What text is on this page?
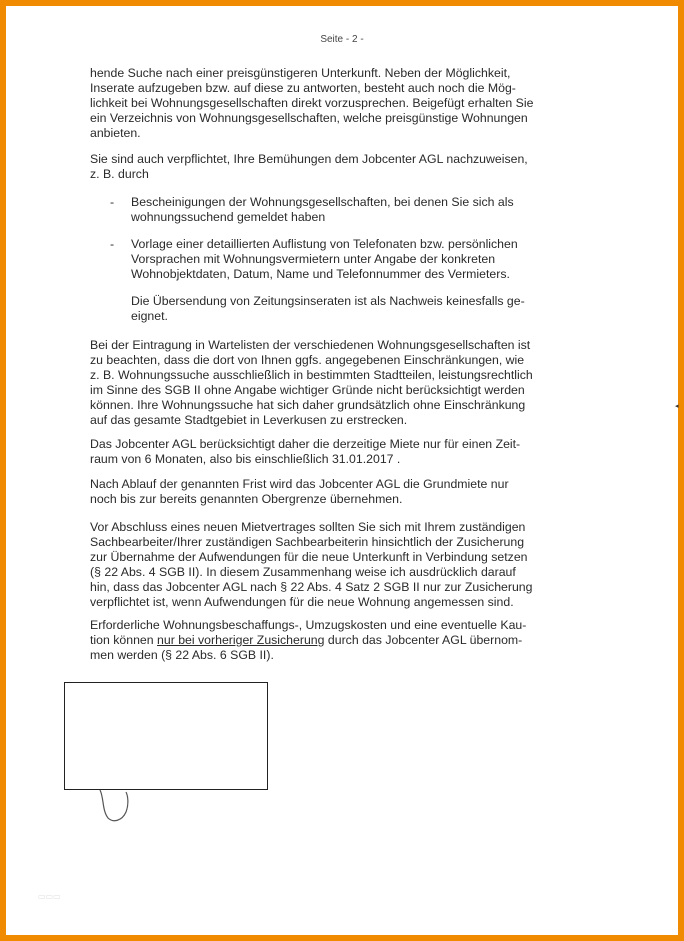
Seite - 2 -
hende Suche nach einer preisgünstigeren Unterkunft. Neben der Möglichkeit,
Inserate aufzugeben bzw. auf diese zu antworten, besteht auch noch die Mög-
lichkeit bei Wohnungsgesellschaften direkt vorzusprechen. Beigefügt erhalten Sie
ein Verzeichnis von Wohnungsgesellschaften, welche preisgünstige Wohnungen
anbieten.
Sie sind auch verpflichtet, Ihre Bemühungen dem Jobcenter AGL nachzuweisen,
z. B. durch
- Bescheinigungen der Wohnungsgesellschaften, bei denen Sie sich als
wohnungssuchend gemeldet haben
- Vorlage einer detaillierten Auflistung von Telefonaten bzw. persönlichen
Vorsprachen mit Wohnungsvermietern unter Angabe der konkreten
Wohnobjektdaten, Datum, Name und Telefonnummer des Vermieters.
Die Übersendung von Zeitungsinseraten ist als Nachweis keinesfalls ge-
eignet.
Bei der Eintragung in Wartelisten der verschiedenen Wohnungsgesellschaften ist
zu beachten, dass die dort von Ihnen ggfs. angegebenen Einschränkungen, wie
z. B. Wohnungssuche ausschließlich in bestimmten Stadtteilen, leistungsrechtlich
im Sinne des SGB II ohne Angabe wichtiger Gründe nicht berücksichtigt werden
können. Ihre Wohnungssuche hat sich daher grundsätzlich ohne Einschränkung
auf das gesamte Stadtgebiet in Leverkusen zu erstrecken.
Das Jobcenter AGL berücksichtigt daher die derzeitige Miete nur für einen Zeit-
raum von 6 Monaten, also bis einschließlich 31.01.2017 .
Nach Ablauf der genannten Frist wird das Jobcenter AGL die Grundmiete nur
noch bis zur bereits genannten Obergrenze übernehmen.
Vor Abschluss eines neuen Mietvertrages sollten Sie sich mit Ihrem zuständigen
Sachbearbeiter/Ihrer zuständigen Sachbearbeiterin hinsichtlich der Zusicherung
zur Übernahme der Aufwendungen für die neue Unterkunft in Verbindung setzen
(§ 22 Abs. 4 SGB II). In diesem Zusammenhang weise ich ausdrücklich darauf
hin, dass das Jobcenter AGL nach § 22 Abs. 4 Satz 2 SGB II nur zur Zusicherung
verpflichtet ist, wenn Aufwendungen für die neue Wohnung angemessen sind.
Erforderliche Wohnungsbeschaffungs-, Umzugskosten und eine eventuelle Kau-
tion können nur bei vorheriger Zusicherung durch das Jobcenter AGL übernom-
men werden (§ 22 Abs. 6 SGB II).
▭▭▭
◂
